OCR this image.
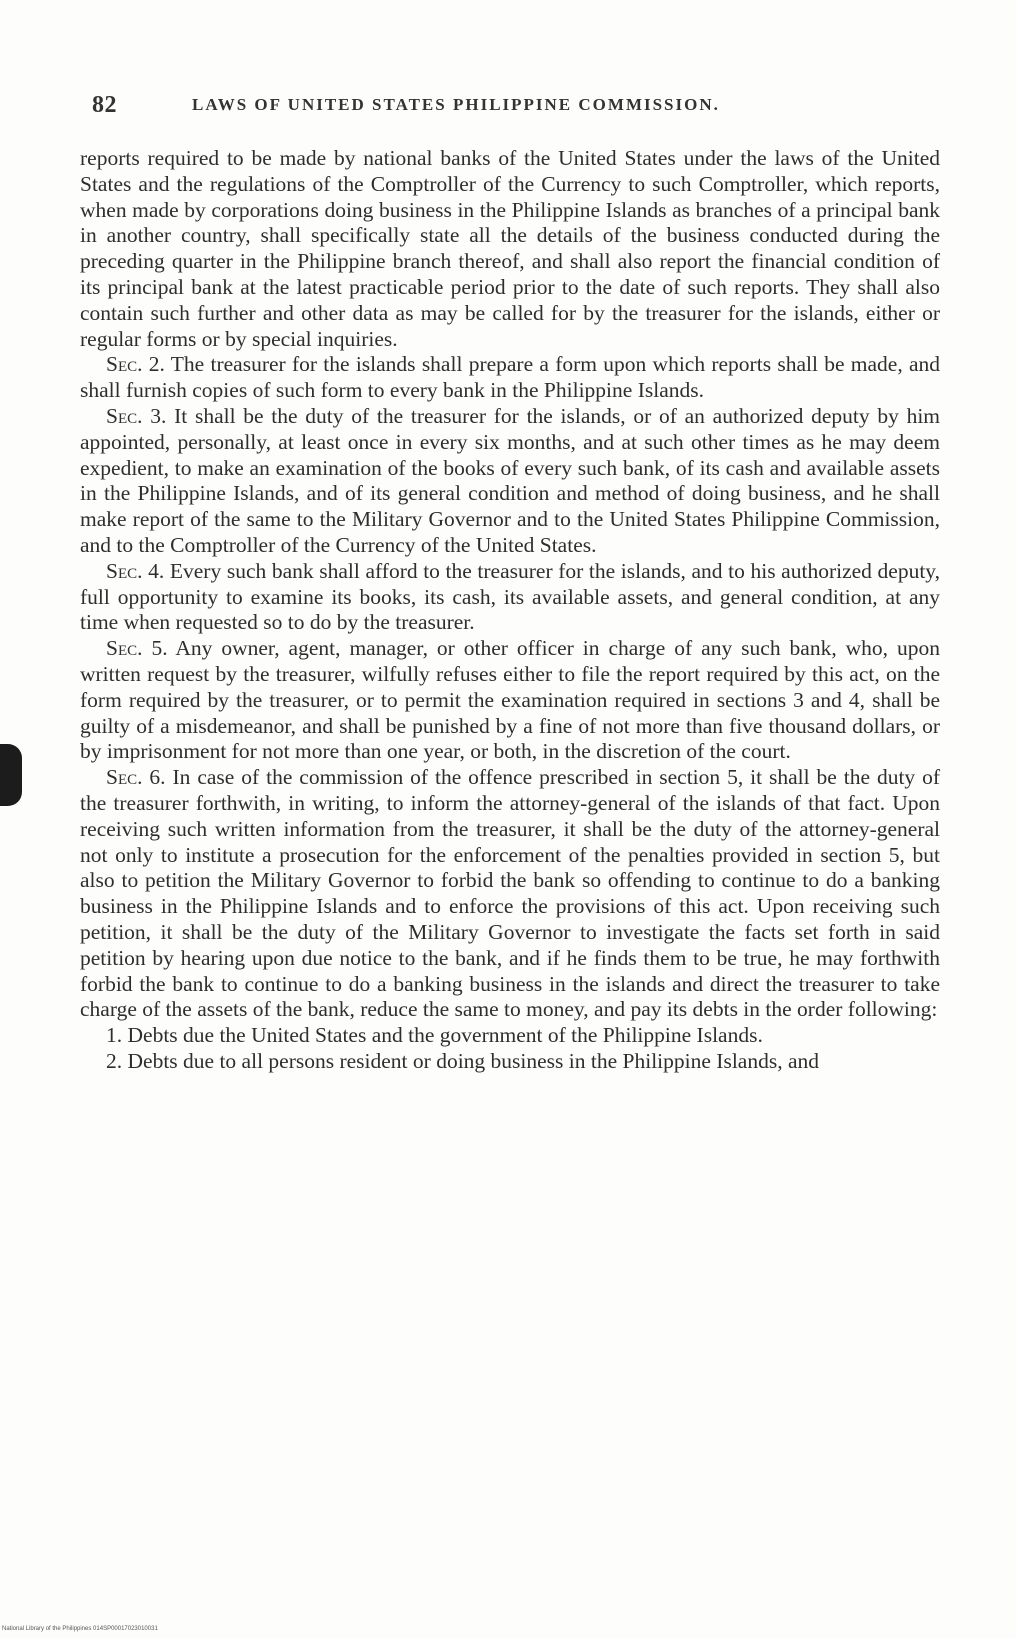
82	LAWS OF UNITED STATES PHILIPPINE COMMISSION.

reports required to be made by national banks of the United States under the laws of the United States and the regulations of the Comptroller of the Currency to such Comptroller, which reports, when made by corporations doing business in the Philippine Islands as branches of a principal bank in another country, shall specifically state all the details of the business conducted during the preceding quarter in the Philippine branch thereof, and shall also report the financial condition of its principal bank at the latest practicable period prior to the date of such reports. They shall also contain such further and other data as may be called for by the treasurer for the islands, either or regular forms or by special inquiries.

Sec. 2. The treasurer for the islands shall prepare a form upon which reports shall be made, and shall furnish copies of such form to every bank in the Philippine Islands.

Sec. 3. It shall be the duty of the treasurer for the islands, or of an authorized deputy by him appointed, personally, at least once in every six months, and at such other times as he may deem expedient, to make an examination of the books of every such bank, of its cash and available assets in the Philippine Islands, and of its general condition and method of doing business, and he shall make report of the same to the Military Governor and to the United States Philippine Commission, and to the Comptroller of the Currency of the United States.

Sec. 4. Every such bank shall afford to the treasurer for the islands, and to his authorized deputy, full opportunity to examine its books, its cash, its available assets, and general condition, at any time when requested so to do by the treasurer.

Sec. 5. Any owner, agent, manager, or other officer in charge of any such bank, who, upon written request by the treasurer, wilfully refuses either to file the report required by this act, on the form required by the treasurer, or to permit the examination required in sections 3 and 4, shall be guilty of a misdemeanor, and shall be punished by a fine of not more than five thousand dollars, or by imprisonment for not more than one year, or both, in the discretion of the court.

Sec. 6. In case of the commission of the offence prescribed in section 5, it shall be the duty of the treasurer forthwith, in writing, to inform the attorney-general of the islands of that fact. Upon receiving such written information from the treasurer, it shall be the duty of the attorney-general not only to institute a prosecution for the enforcement of the penalties provided in section 5, but also to petition the Military Governor to forbid the bank so offending to continue to do a banking business in the Philippine Islands and to enforce the provisions of this act. Upon receiving such petition, it shall be the duty of the Military Governor to investigate the facts set forth in said petition by hearing upon due notice to the bank, and if he finds them to be true, he may forthwith forbid the bank to continue to do a banking business in the islands and direct the treasurer to take charge of the assets of the bank, reduce the same to money, and pay its debts in the order following:

1. Debts due the United States and the government of the Philippine Islands.

2. Debts due to all persons resident or doing business in the Philippine Islands, and

National Library of the Philippines 014SP00017023010031
